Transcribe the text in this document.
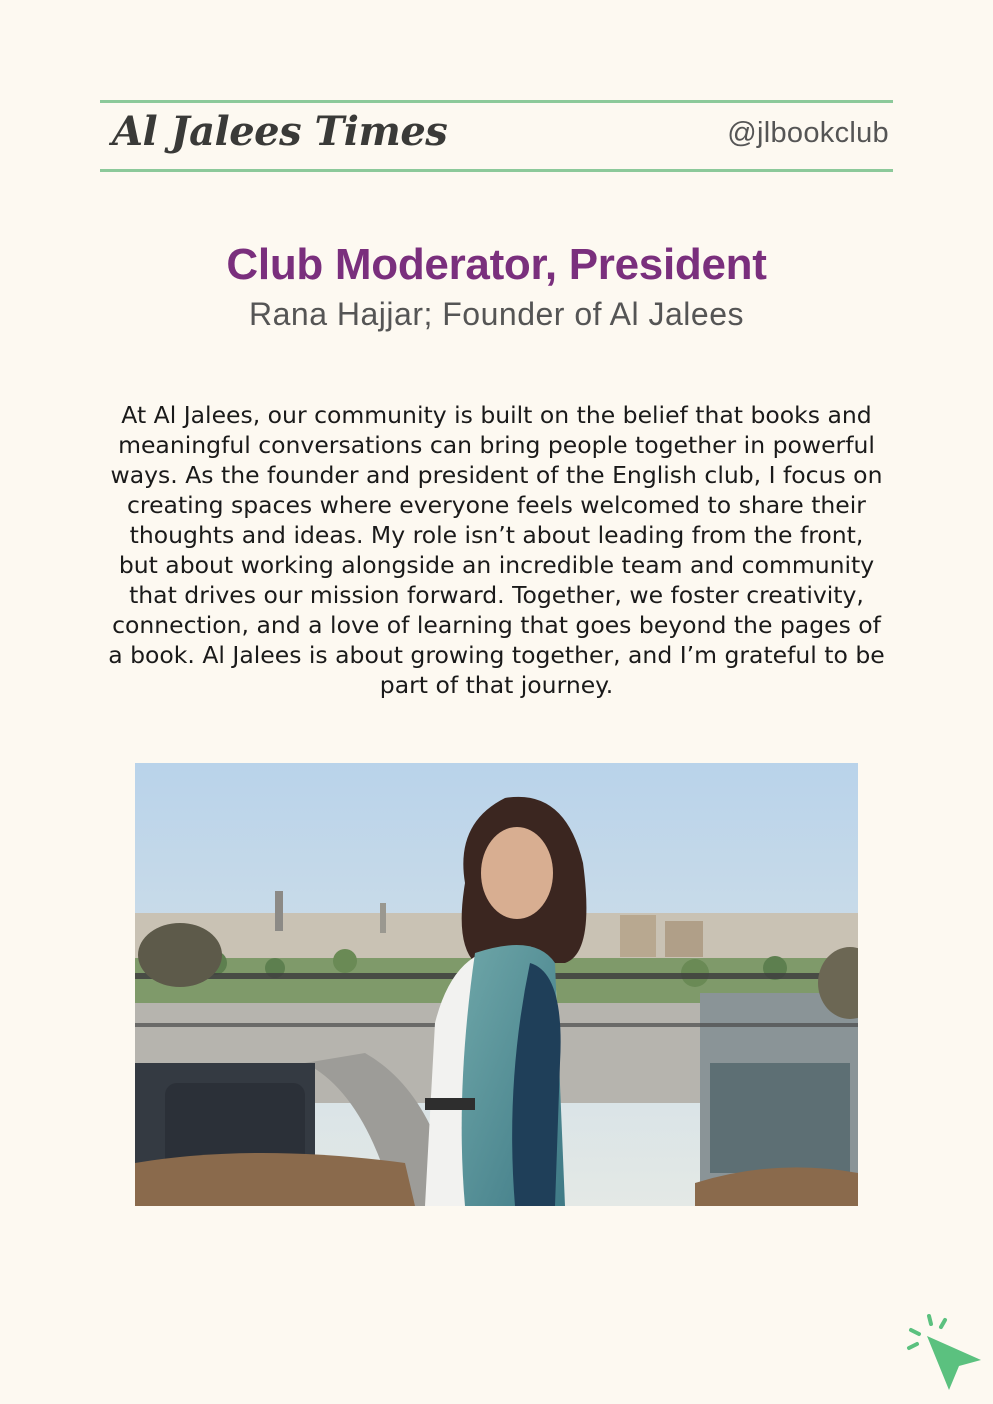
Al Jalees Times	@jlbookclub
Club Moderator, President
Rana Hajjar; Founder of Al Jalees
At Al Jalees, our community is built on the belief that books and meaningful conversations can bring people together in powerful ways. As the founder and president of the English club, I focus on creating spaces where everyone feels welcomed to share their thoughts and ideas. My role isn’t about leading from the front, but about working alongside an incredible team and community that drives our mission forward. Together, we foster creativity, connection, and a love of learning that goes beyond the pages of a book. Al Jalees is about growing together, and I’m grateful to be part of that journey.
